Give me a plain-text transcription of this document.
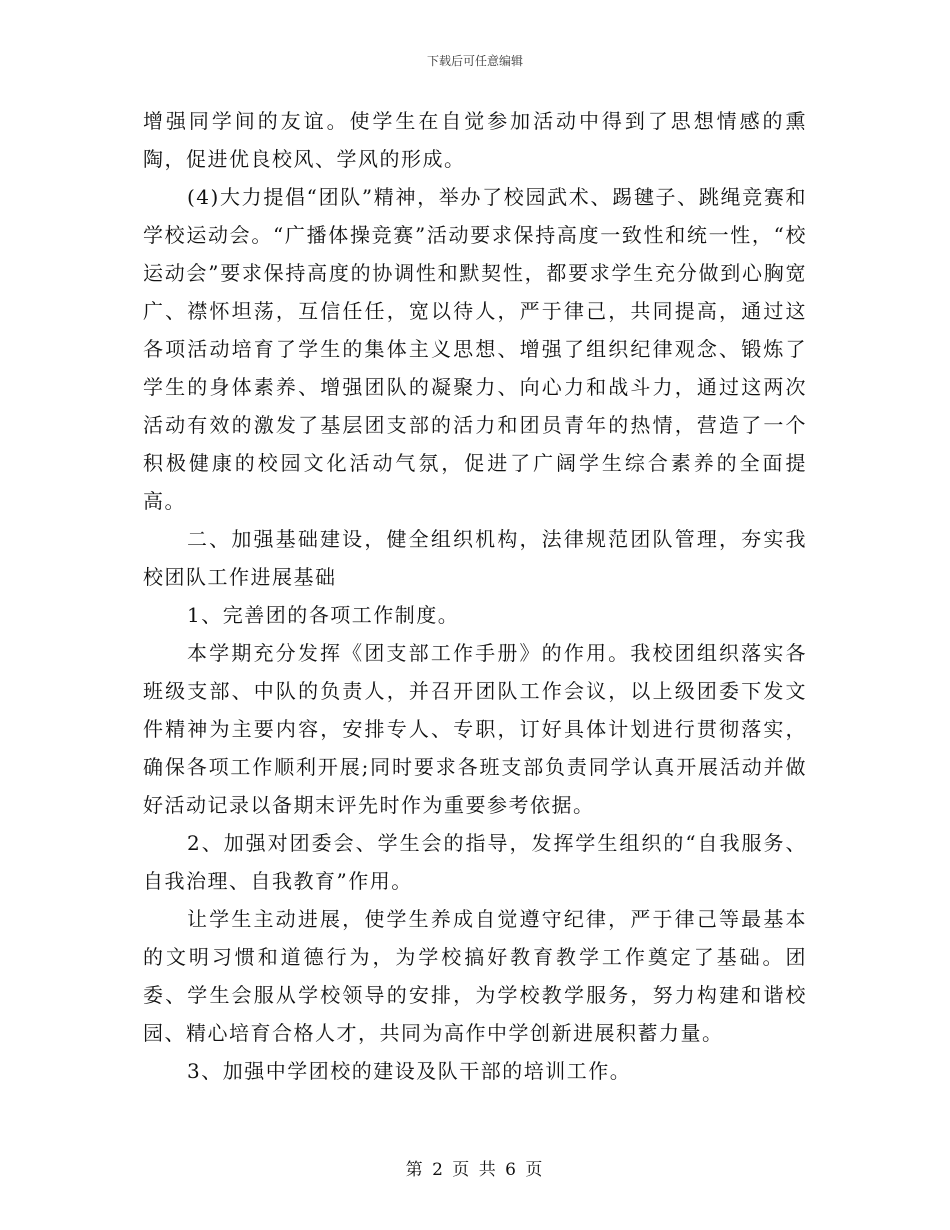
下载后可任意编辑

增强同学间的友谊。使学生在自觉参加活动中得到了思想情感的熏陶，促进优良校风、学风的形成。

(4)大力提倡“团队”精神，举办了校园武术、踢毽子、跳绳竞赛和学校运动会。“广播体操竞赛”活动要求保持高度一致性和统一性，“校运动会”要求保持高度的协调性和默契性，都要求学生充分做到心胸宽广、襟怀坦荡，互信任任，宽以待人，严于律己，共同提高，通过这各项活动培育了学生的集体主义思想、增强了组织纪律观念、锻炼了学生的身体素养、增强团队的凝聚力、向心力和战斗力，通过这两次活动有效的激发了基层团支部的活力和团员青年的热情，营造了一个积极健康的校园文化活动气氛，促进了广阔学生综合素养的全面提高。

二、加强基础建设，健全组织机构，法律规范团队管理，夯实我校团队工作进展基础

1、完善团的各项工作制度。

本学期充分发挥《团支部工作手册》的作用。我校团组织落实各班级支部、中队的负责人，并召开团队工作会议，以上级团委下发文件精神为主要内容，安排专人、专职，订好具体计划进行贯彻落实，确保各项工作顺利开展;同时要求各班支部负责同学认真开展活动并做好活动记录以备期末评先时作为重要参考依据。

2、加强对团委会、学生会的指导，发挥学生组织的“自我服务、自我治理、自我教育”作用。

让学生主动进展，使学生养成自觉遵守纪律，严于律己等最基本的文明习惯和道德行为，为学校搞好教育教学工作奠定了基础。团委、学生会服从学校领导的安排，为学校教学服务，努力构建和谐校园、精心培育合格人才，共同为高作中学创新进展积蓄力量。

3、加强中学团校的建设及队干部的培训工作。

第 2 页 共 6 页
